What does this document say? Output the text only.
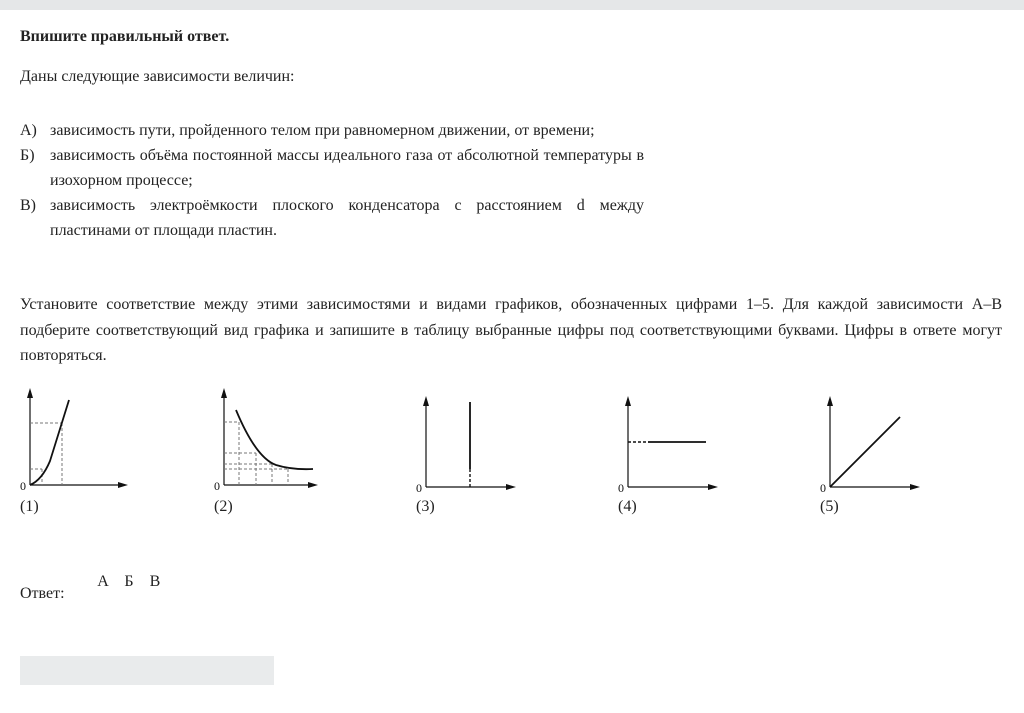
Впишите правильный ответ.
Даны следующие зависимости величин:
А) зависимость пути, пройденного телом при равномерном движении, от времени;
Б) зависимость объёма постоянной массы идеального газа от абсолютной температуры в изохорном процессе;
В) зависимость электроёмкости плоского конденсатора с расстоянием d между пластинами от площади пластин.
Установите соответствие между этими зависимостями и видами графиков, обозначенных цифрами 1–5. Для каждой зависимости А–В подберите соответствующий вид графика и запишите в таблицу выбранные цифры под соответствующими буквами. Цифры в ответе могут повторяться.
0
(1)
0
(2)
0
(3)
0
(4)
0
(5)
Ответ:
А Б В
